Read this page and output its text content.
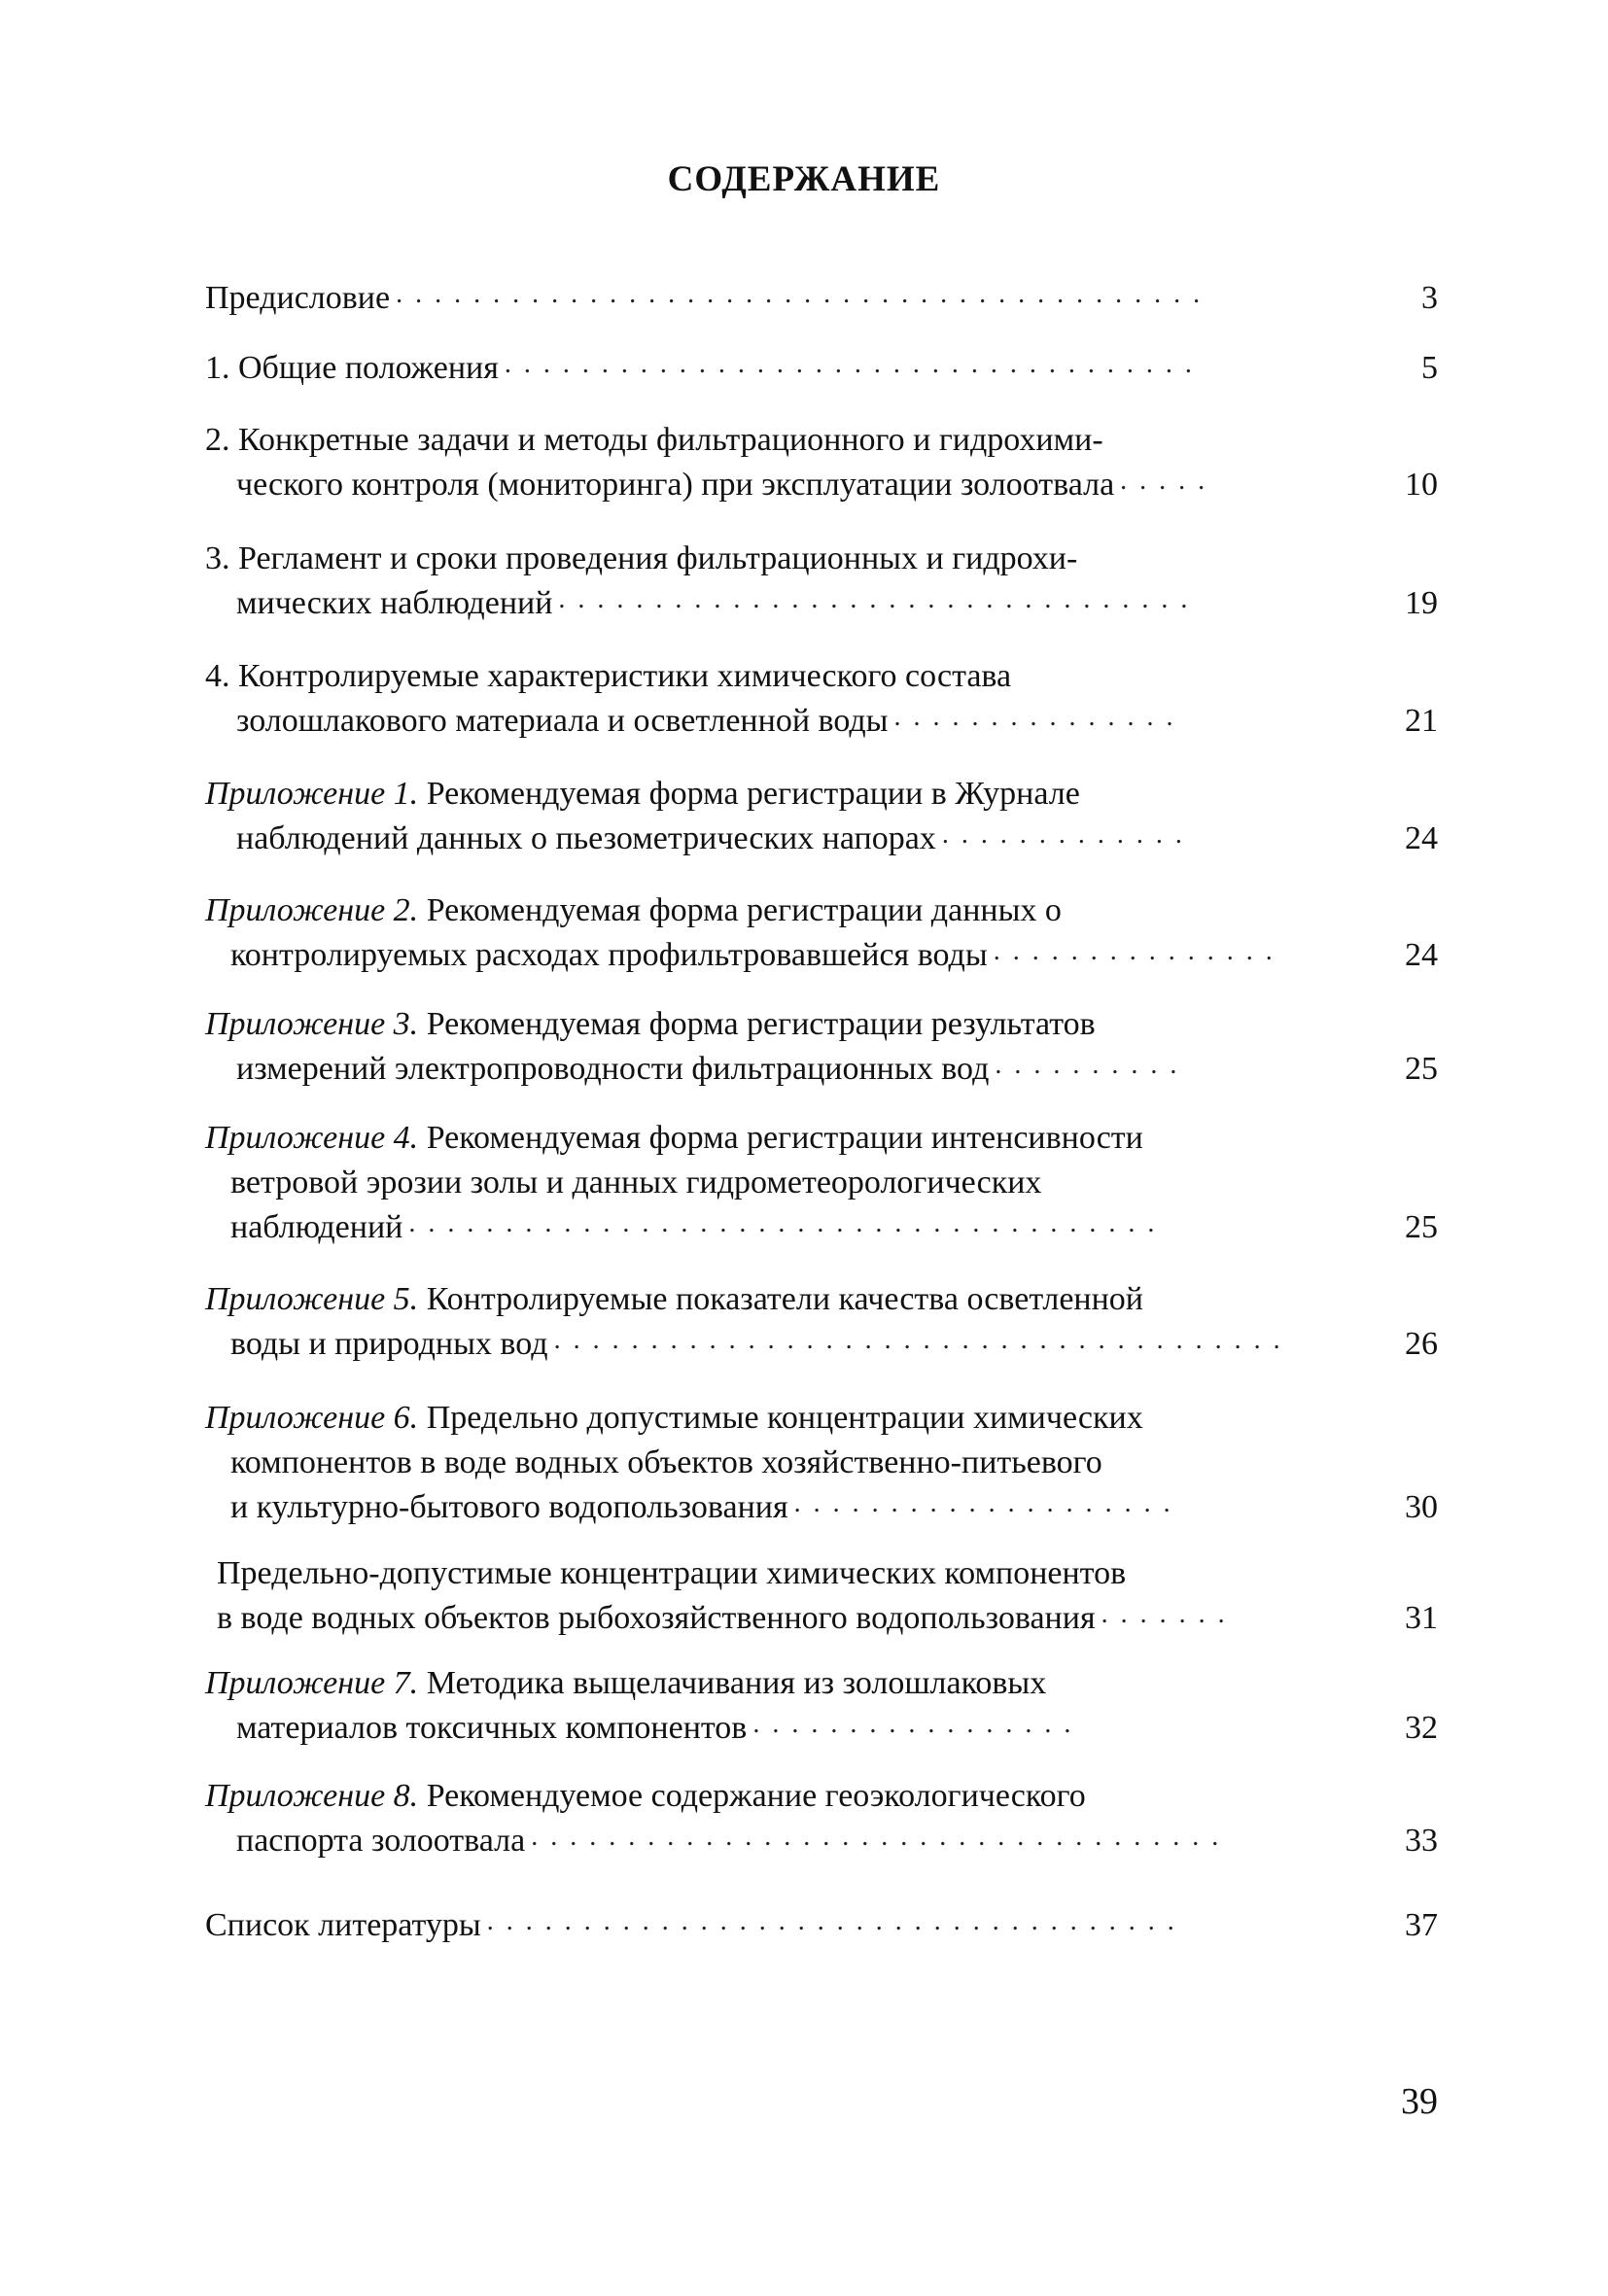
СОДЕРЖАНИЕ
Предисловие . . . . . . . . . . . . . . . . . . . . . . . . . . . . . . . . . . . . . . . . . .	3
1. Общие положения . . . . . . . . . . . . . . . . . . . . . . . . . . . . . . . . . . . .	5
2. Конкретные задачи и методы фильтрационного и гидрохими-
ческого контроля (мониторинга) при эксплуатации золоотвала . . . . .	10
3. Регламент и сроки проведения фильтрационных и гидрохи-
мических наблюдений . . . . . . . . . . . . . . . . . . . . . . . . . . . . . . . . .	19
4. Контролируемые характеристики химического состава
золошлакового материала и осветленной воды . . . . . . . . . . . . . . .	21
Приложение 1. Рекомендуемая форма регистрации в Журнале
наблюдений данных о пьезометрических напорах . . . . . . . . . . . . .	24
Приложение 2. Рекомендуемая форма регистрации данных о
контролируемых расходах профильтровавшейся воды . . . . . . . . . . . . . . .	24
Приложение 3. Рекомендуемая форма регистрации результатов
измерений электропроводности фильтрационных вод . . . . . . . . . .	25
Приложение 4. Рекомендуемая форма регистрации интенсивности
ветровой эрозии золы и данных гидрометеорологических
наблюдений . . . . . . . . . . . . . . . . . . . . . . . . . . . . . . . . . . . . . . .	25
Приложение 5. Контролируемые показатели качества осветленной
воды и природных вод . . . . . . . . . . . . . . . . . . . . . . . . . . . . . . . . . . . . . .	26
Приложение 6. Предельно допустимые концентрации химических
компонентов в воде водных объектов хозяйственно-питьевого
и культурно-бытового водопользования . . . . . . . . . . . . . . . . . . . .	30
Предельно-допустимые концентрации химических компонентов
в воде водных объектов рыбохозяйственного водопользования . . . . . . .	31
Приложение 7. Методика выщелачивания из золошлаковых
материалов токсичных компонентов . . . . . . . . . . . . . . . . .	32
Приложение 8. Рекомендуемое содержание геоэкологического
паспорта золоотвала . . . . . . . . . . . . . . . . . . . . . . . . . . . . . . . . . . . .	33
Список литературы . . . . . . . . . . . . . . . . . . . . . . . . . . . . . . . . . . . .	37
39
